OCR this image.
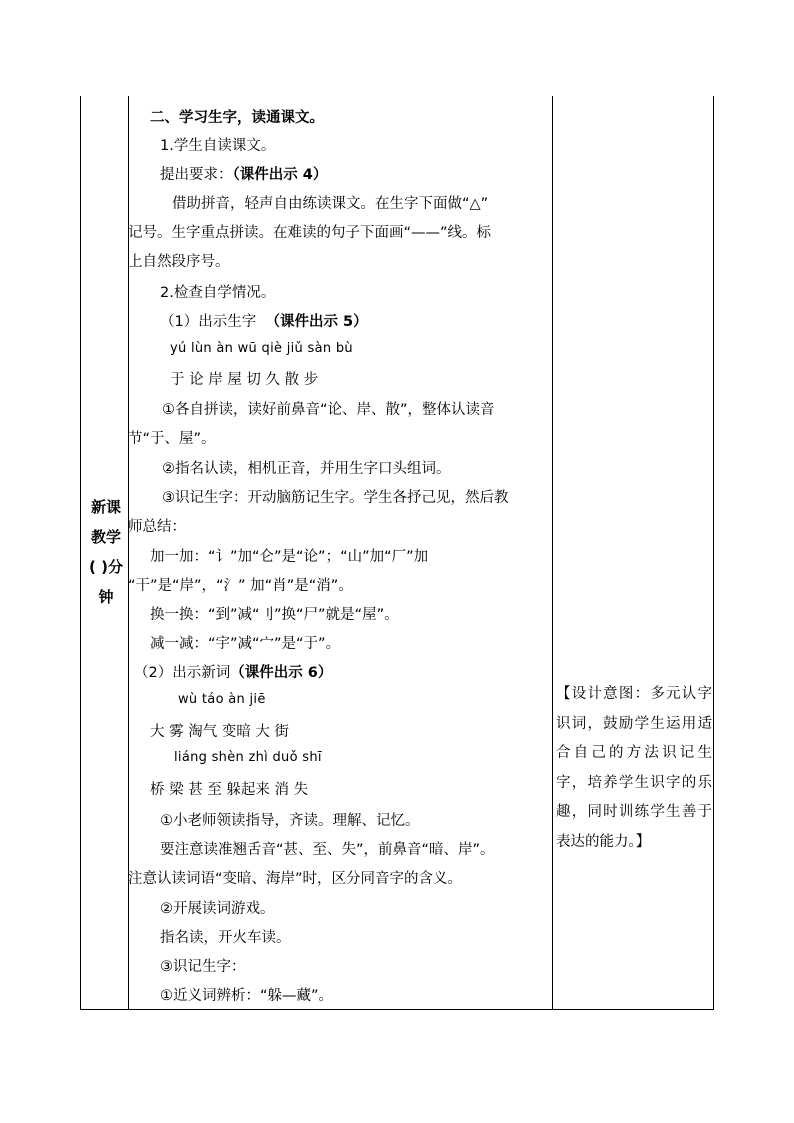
新课
教学
( )分
钟
二、学习生字，读通课文。
1.学生自读课文。
提出要求：（课件出示 4）
借助拼音，轻声自由练读课文。在生字下面做“△”
记号。生字重点拼读。在难读的句子下面画“——”线。标
上自然段序号。
2.检查自学情况。
（1）出示生字 （课件出示 5）
yú lùn àn wū qiè jiǔ sàn bù
于 论 岸 屋 切 久 散 步
①各自拼读，读好前鼻音“论、岸、散”，整体认读音
节“于、屋”。
②指名认读，相机正音，并用生字口头组词。
③识记生字：开动脑筋记生字。学生各抒己见，然后教
师总结：
加一加：“讠”加“仑”是“论”；“山”加“厂”加
“干”是“岸”，“氵” 加“肖”是“消”。
换一换：“到”减“刂”换“尸”就是“屋”。
减一减：“宇”减“宀”是“于”。
（2）出示新词（课件出示 6）
wù táo àn jiē
大 雾 淘气 变暗 大 街
liáng shèn zhì duǒ shī
桥 梁 甚 至 躲起来 消 失
①小老师领读指导，齐读。理解、记忆。
要注意读准翘舌音“甚、至、失”，前鼻音“暗、岸”。
注意认读词语“变暗、海岸”时，区分同音字的含义。
②开展读词游戏。
指名读，开火车读。
③识记生字：
①近义词辨析：“躲—藏”。
【设计意图：多元认字识词，鼓励学生运用适合自己的方法识记生字，培养学生识字的乐趣，同时训练学生善于表达的能力。】
